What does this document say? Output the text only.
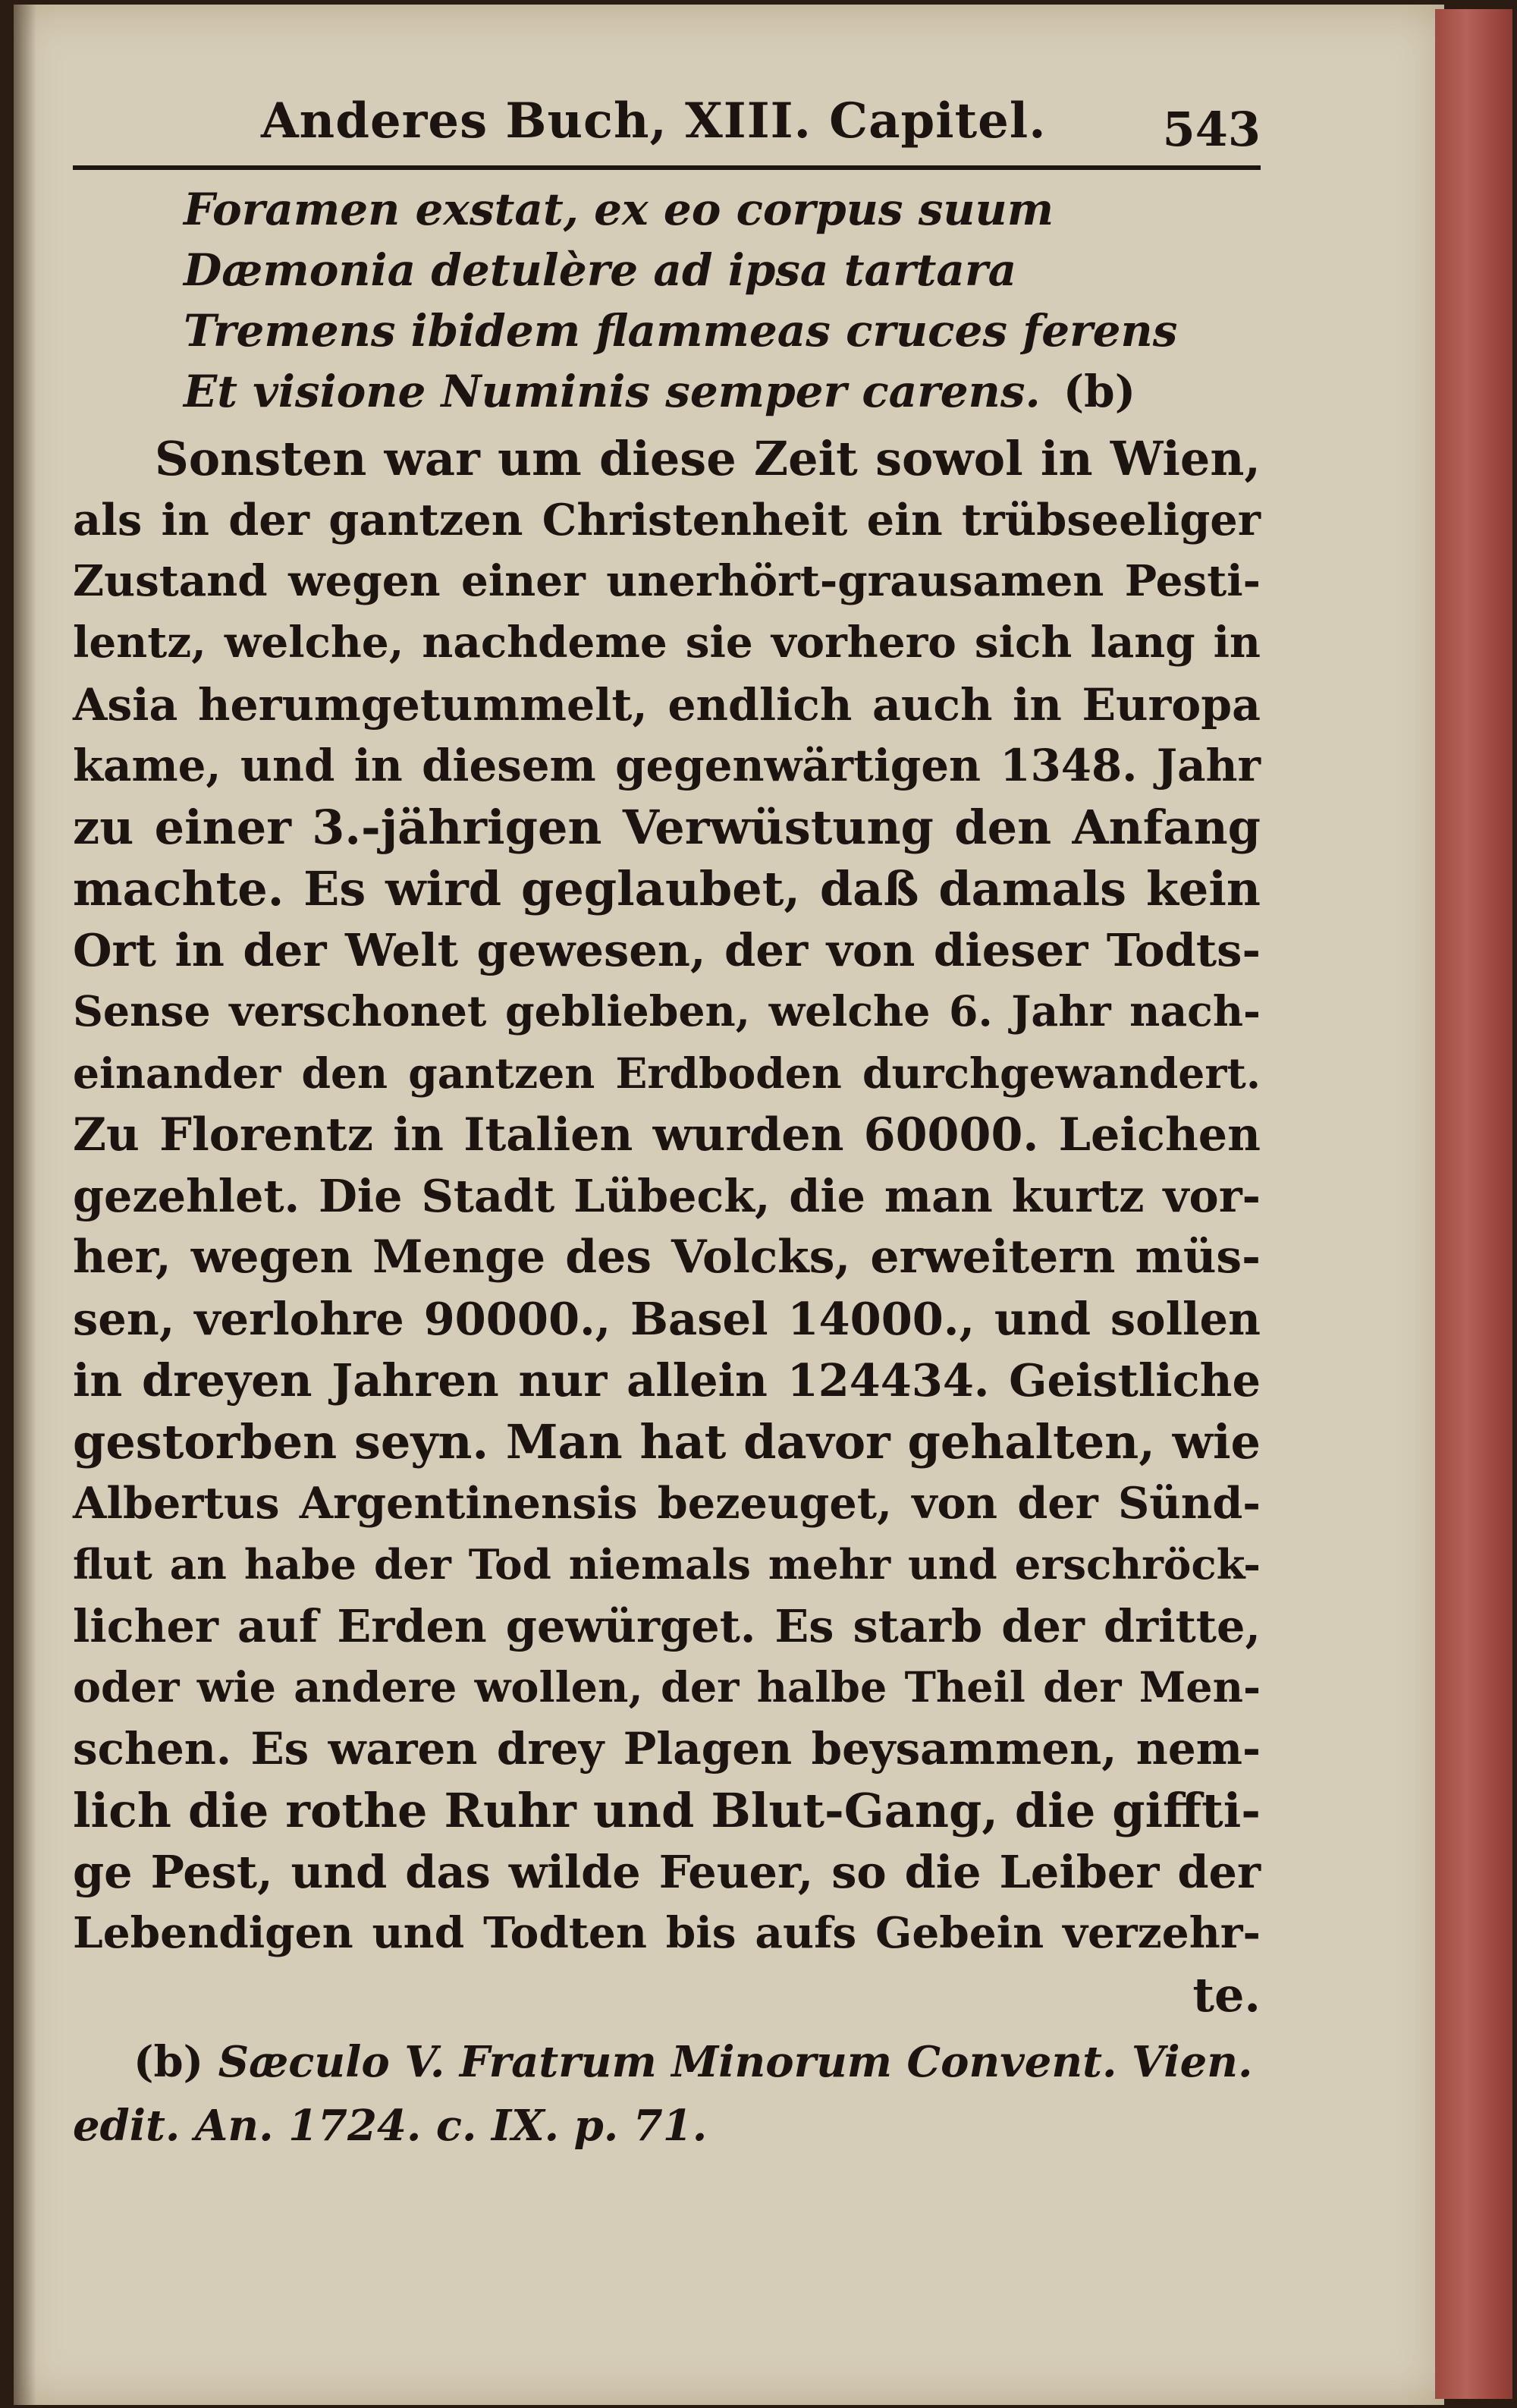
Anderes Buch, XIII. Capitel. 543
Foramen exstat, ex eo corpus suum
Dæmonia detulère ad ipsa tartara
Tremens ibidem flammeas cruces ferens
Et visione Numinis semper carens. (b)
Sonsten war um diese Zeit sowol in Wien,
als in der gantzen Christenheit ein trübseeliger
Zustand wegen einer unerhört-grausamen Pesti-
lentz, welche, nachdeme sie vorhero sich lang in
Asia herumgetummelt, endlich auch in Europa
kame, und in diesem gegenwärtigen 1348. Jahr
zu einer 3.-jährigen Verwüstung den Anfang
machte. Es wird geglaubet, daß damals kein
Ort in der Welt gewesen, der von dieser Todts-
Sense verschonet geblieben, welche 6. Jahr nach-
einander den gantzen Erdboden durchgewandert.
Zu Florentz in Italien wurden 60000. Leichen
gezehlet. Die Stadt Lübeck, die man kurtz vor-
her, wegen Menge des Volcks, erweitern müs-
sen, verlohre 90000., Basel 14000., und sollen
in dreyen Jahren nur allein 124434. Geistliche
gestorben seyn. Man hat davor gehalten, wie
Albertus Argentinensis bezeuget, von der Sünd-
flut an habe der Tod niemals mehr und erschröck-
licher auf Erden gewürget. Es starb der dritte,
oder wie andere wollen, der halbe Theil der Men-
schen. Es waren drey Plagen beysammen, nem-
lich die rothe Ruhr und Blut-Gang, die giffti-
ge Pest, und das wilde Feuer, so die Leiber der
Lebendigen und Todten bis aufs Gebein verzehr-
te.
(b) Sæculo V. Fratrum Minorum Convent. Vien.
edit. An. 1724. c. IX. p. 71.
